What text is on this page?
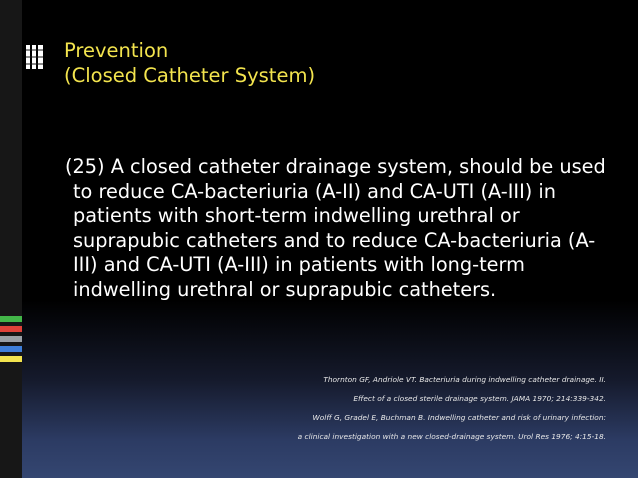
Prevention
(Closed Catheter System)
(25) A closed catheter drainage system, should be used to reduce CA-bacteriuria (A-II) and CA-UTI (A-III) in patients with short-term indwelling urethral or suprapubic catheters and to reduce CA-bacteriuria (A-III) and CA-UTI (A-III) in patients with long-term indwelling urethral or suprapubic catheters.
Thornton GF, Andriole VT. Bacteriuria during indwelling catheter drainage. II.
Effect of a closed sterile drainage system. JAMA 1970; 214:339-342.
Wolff G, Gradel E, Buchman B. Indwelling catheter and risk of urinary infection:
a clinical investigation with a new closed-drainage system. Urol Res 1976; 4:15-18.
